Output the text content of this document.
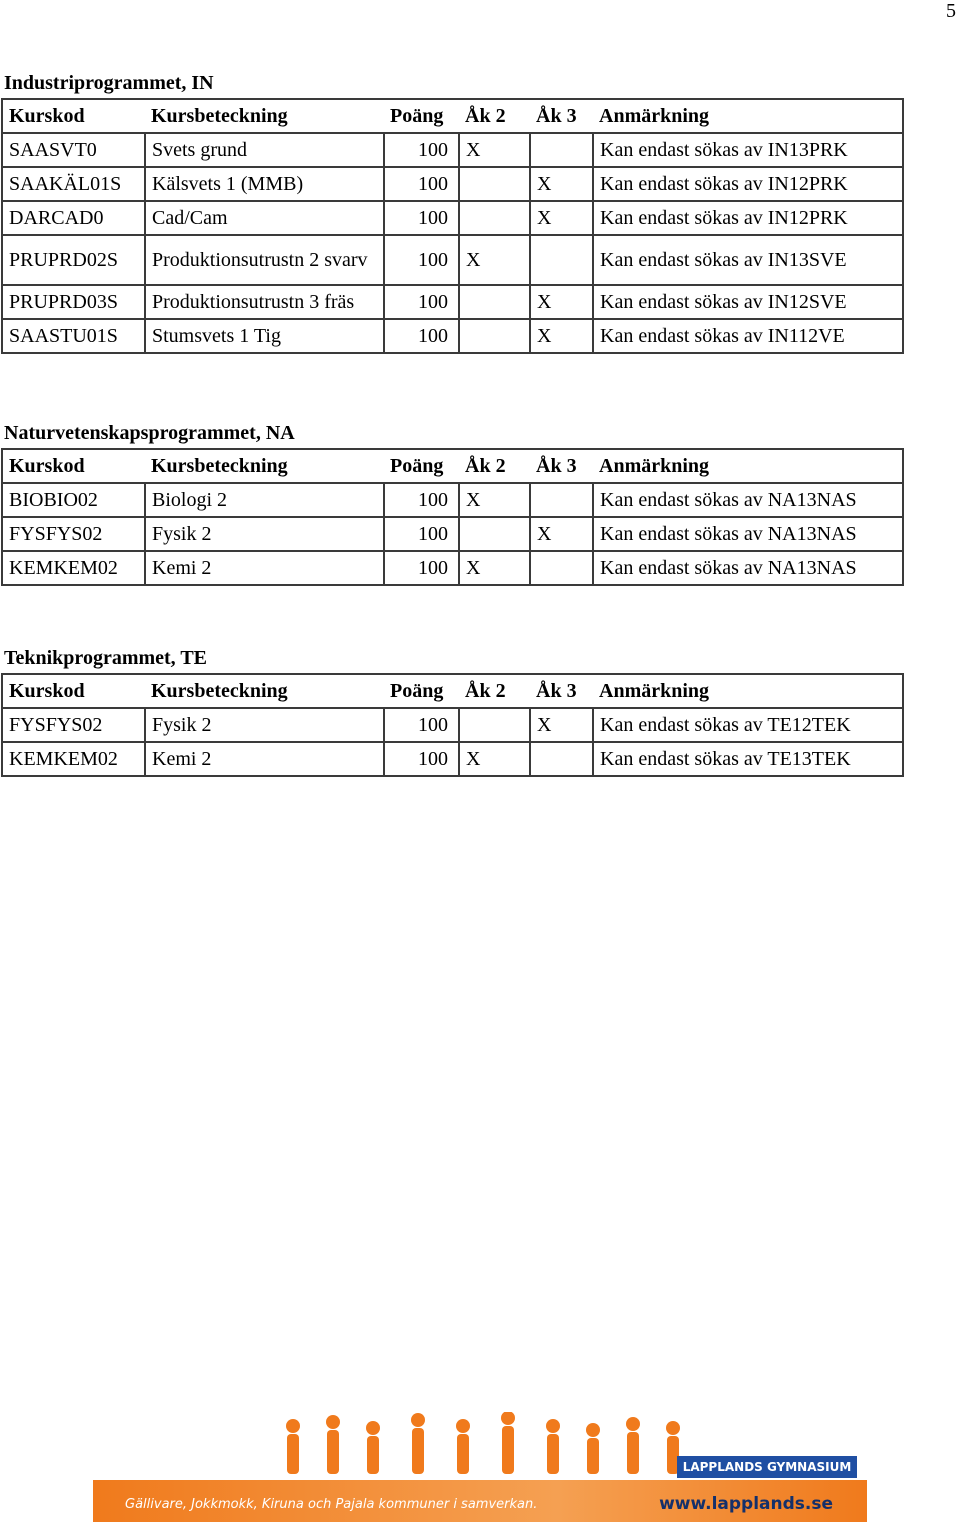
5
Industriprogrammet, IN
Kurskod	Kursbeteckning	Poäng	Åk 2	Åk 3	Anmärkning
SAASVT0	Svets grund	100	X		Kan endast sökas av IN13PRK
SAAKÄL01S	Kälsvets 1 (MMB)	100		X	Kan endast sökas av IN12PRK
DARCAD0	Cad/Cam	100		X	Kan endast sökas av IN12PRK
PRUPRD02S	Produktionsutrustn 2 svarv	100	X		Kan endast sökas av IN13SVE
PRUPRD03S	Produktionsutrustn 3 fräs	100		X	Kan endast sökas av IN12SVE
SAASTU01S	Stumsvets 1 Tig	100		X	Kan endast sökas av IN112VE
Naturvetenskapsprogrammet, NA
Kurskod	Kursbeteckning	Poäng	Åk 2	Åk 3	Anmärkning
BIOBIO02	Biologi 2	100	X		Kan endast sökas av NA13NAS
FYSFYS02	Fysik 2	100		X	Kan endast sökas av NA13NAS
KEMKEM02	Kemi 2	100	X		Kan endast sökas av NA13NAS
Teknikprogrammet, TE
Kurskod	Kursbeteckning	Poäng	Åk 2	Åk 3	Anmärkning
FYSFYS02	Fysik 2	100		X	Kan endast sökas av TE12TEK
KEMKEM02	Kemi 2	100	X		Kan endast sökas av TE13TEK
LAPPLANDS GYMNASIUM
Gällivare, Jokkmokk, Kiruna och Pajala kommuner i samverkan.	www.lapplands.se
